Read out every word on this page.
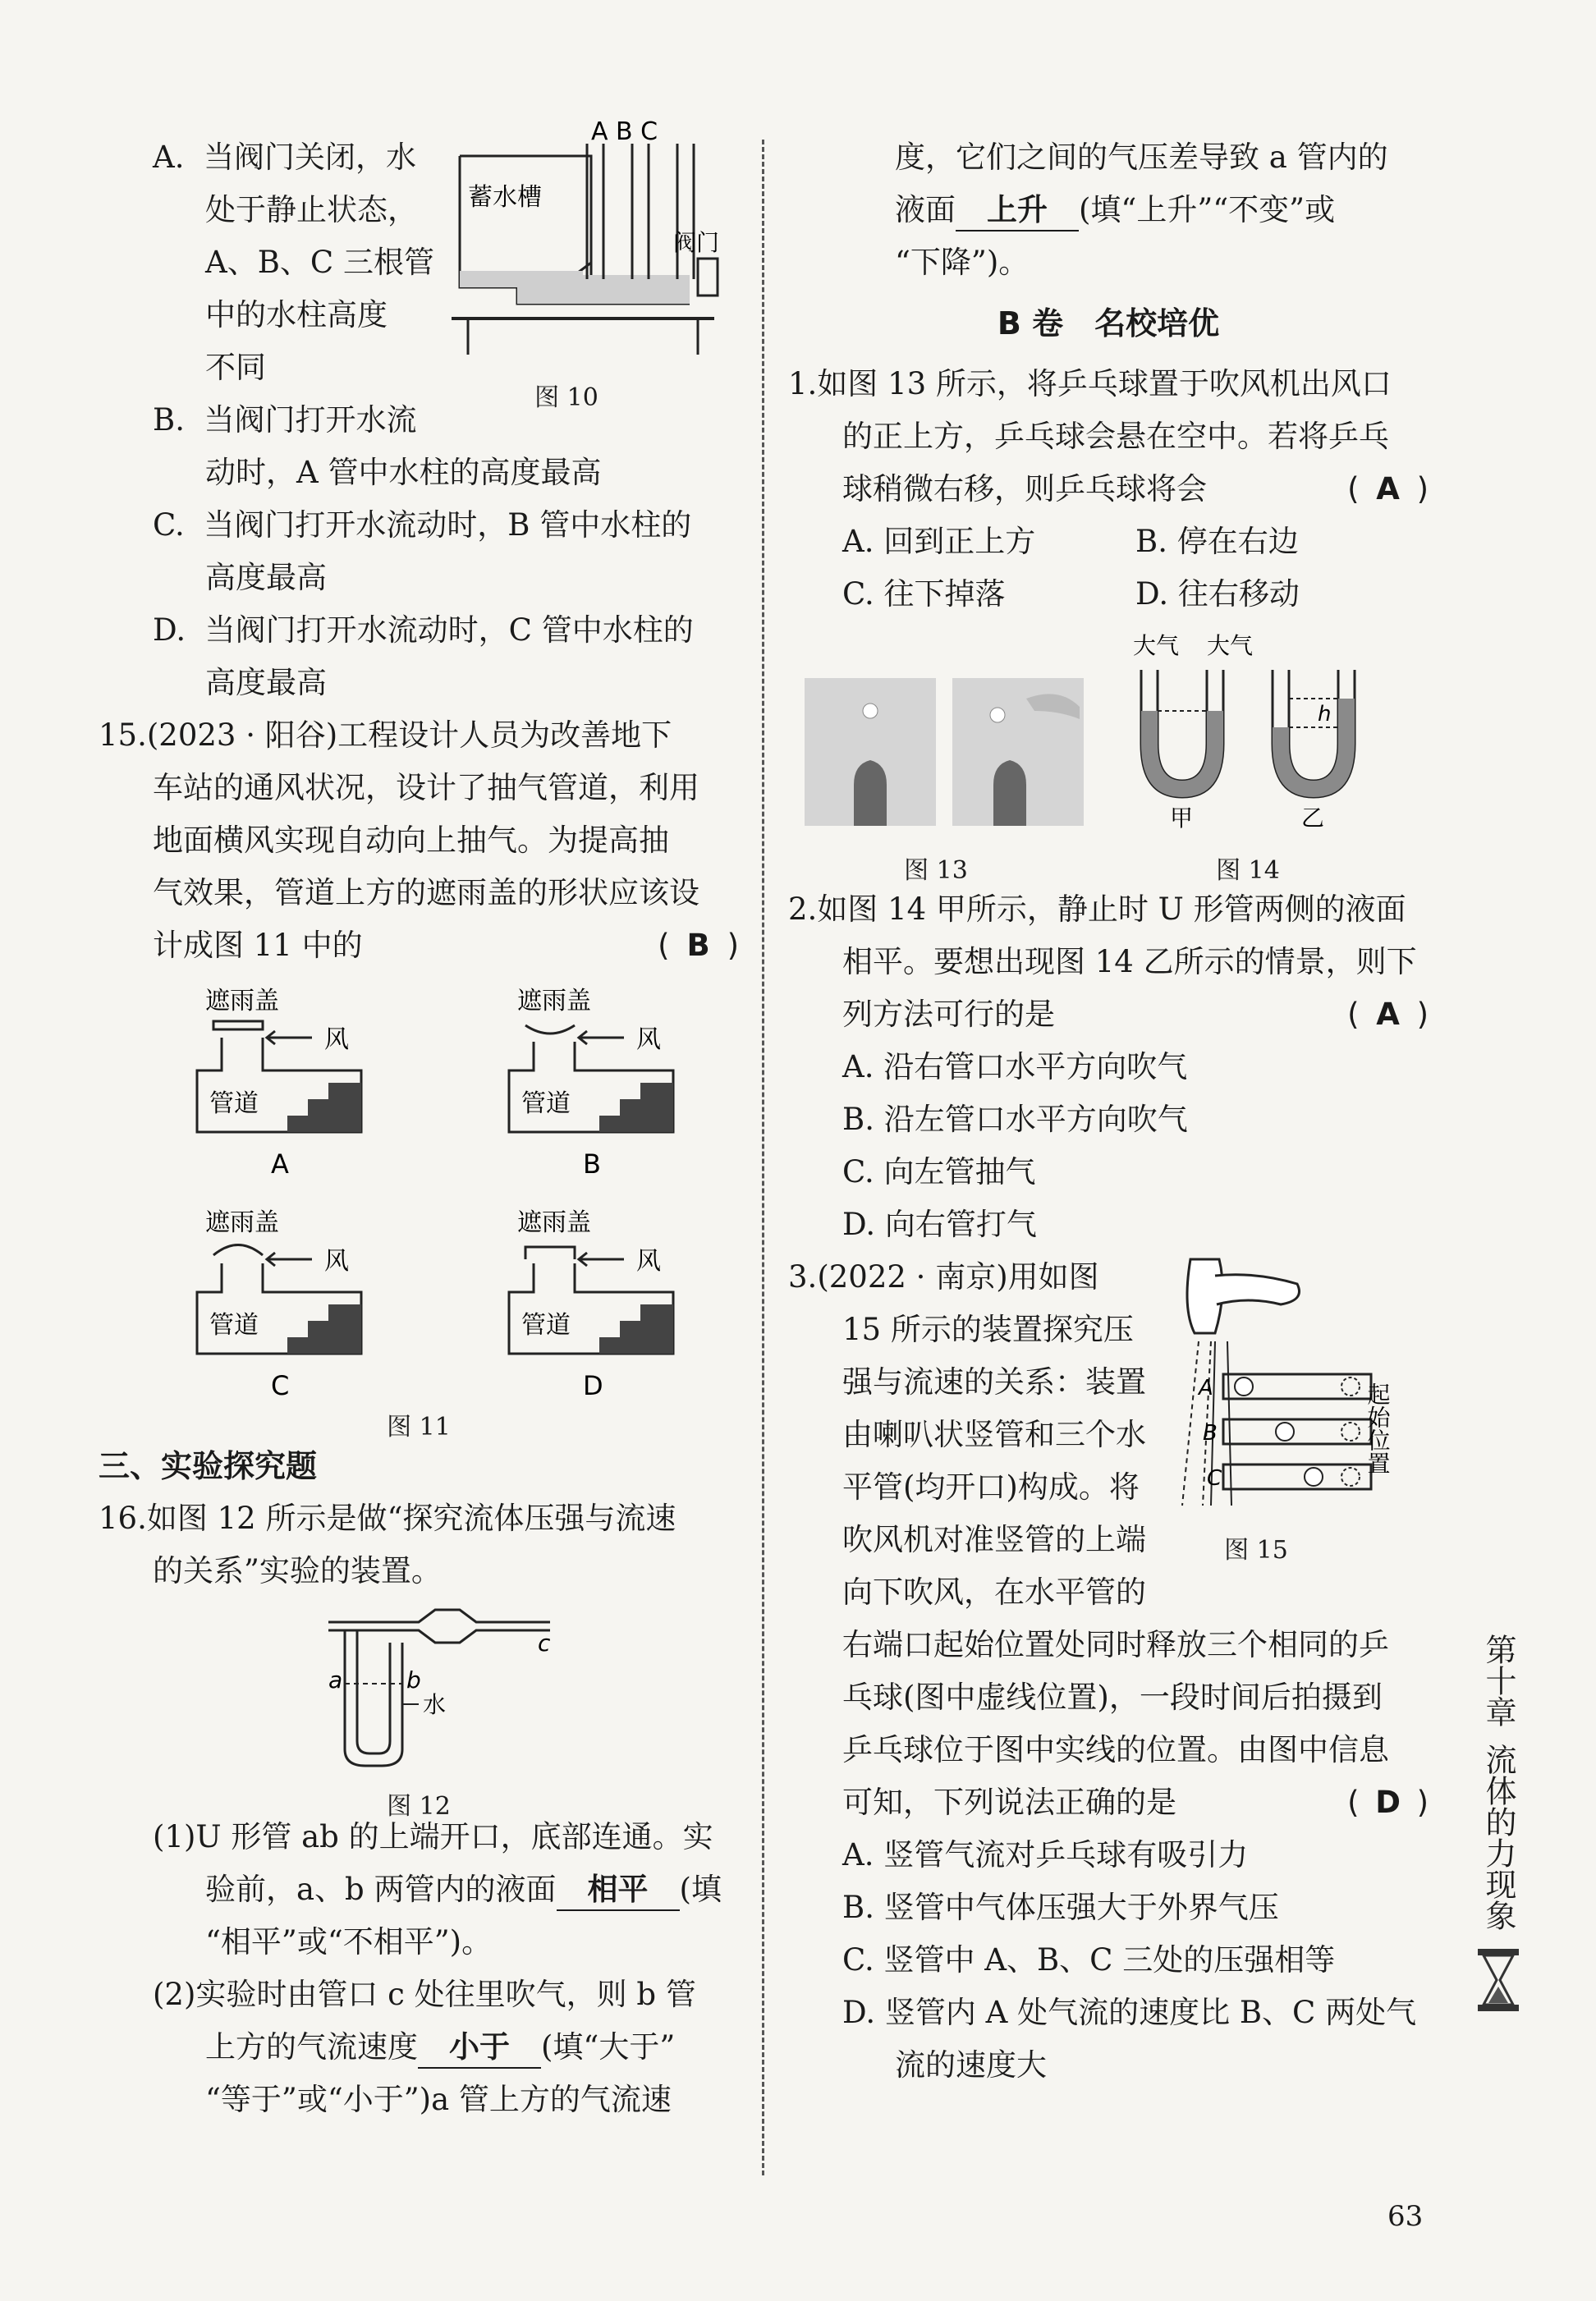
A. 当阀门关闭，水

处于静止状态，

A、B、C 三根管

中的水柱高度

不同

蓄水槽
阀门
A B C
图 10

B. 当阀门打开水流

动时，A 管中水柱的高度最高

C. 当阀门打开水流动时，B 管中水柱的

高度最高

D. 当阀门打开水流动时，C 管中水柱的

高度最高

15.(2023 · 阳谷)工程设计人员为改善地下

车站的通风状况，设计了抽气管道，利用

地面横风实现自动向上抽气。为提高抽

气效果，管道上方的遮雨盖的形状应该设

计成图 11 中的	( B )

遮雨盖
风
管道
A
遮雨盖
风
管道
B
遮雨盖
风
管道
C
遮雨盖
风
管道
D
图 11

三、实验探究题

16.如图 12 所示是做“探究流体压强与流速

的关系”实验的装置。

a	b
c
水
图 12

(1)U 形管 ab 的上端开口，底部连通。实

验前，a、b 两管内的液面 相平 (填

“相平”或“不相平”)。

(2)实验时由管口 c 处往里吹气，则 b 管

上方的气流速度 小于 (填“大于”

“等于”或“小于”)a 管上方的气流速

度，它们之间的气压差导致 a 管内的

液面 上升 (填“上升”“不变”或

“下降”)。

B 卷　名校培优

1.如图 13 所示，将乒乓球置于吹风机出风口

的正上方，乒乓球会悬在空中。若将乒乓

球稍微右移，则乒乓球将会	( A )

A. 回到正上方	B. 停在右边

C. 往下掉落	D. 往右移动

图 13
大气 大气
h
甲	乙
图 14

2.如图 14 甲所示，静止时 U 形管两侧的液面

相平。要想出现图 14 乙所示的情景，则下

列方法可行的是	( A )

A. 沿右管口水平方向吹气

B. 沿左管口水平方向吹气

C. 向左管抽气

D. 向右管打气

3.(2022 · 南京)用如图

15 所示的装置探究压

强与流速的关系：装置

由喇叭状竖管和三个水

平管(均开口)构成。将

吹风机对准竖管的上端

向下吹风，在水平管的

A
B
C
起始位置
图 15

右端口起始位置处同时释放三个相同的乒

乓球(图中虚线位置)，一段时间后拍摄到

乒乓球位于图中实线的位置。由图中信息

可知，下列说法正确的是	( D )

A. 竖管气流对乒乓球有吸引力

B. 竖管中气体压强大于外界气压

C. 竖管中 A、B、C 三处的压强相等

D. 竖管内 A 处气流的速度比 B、C 两处气

流的速度大

第十章
流体的力现象
63
